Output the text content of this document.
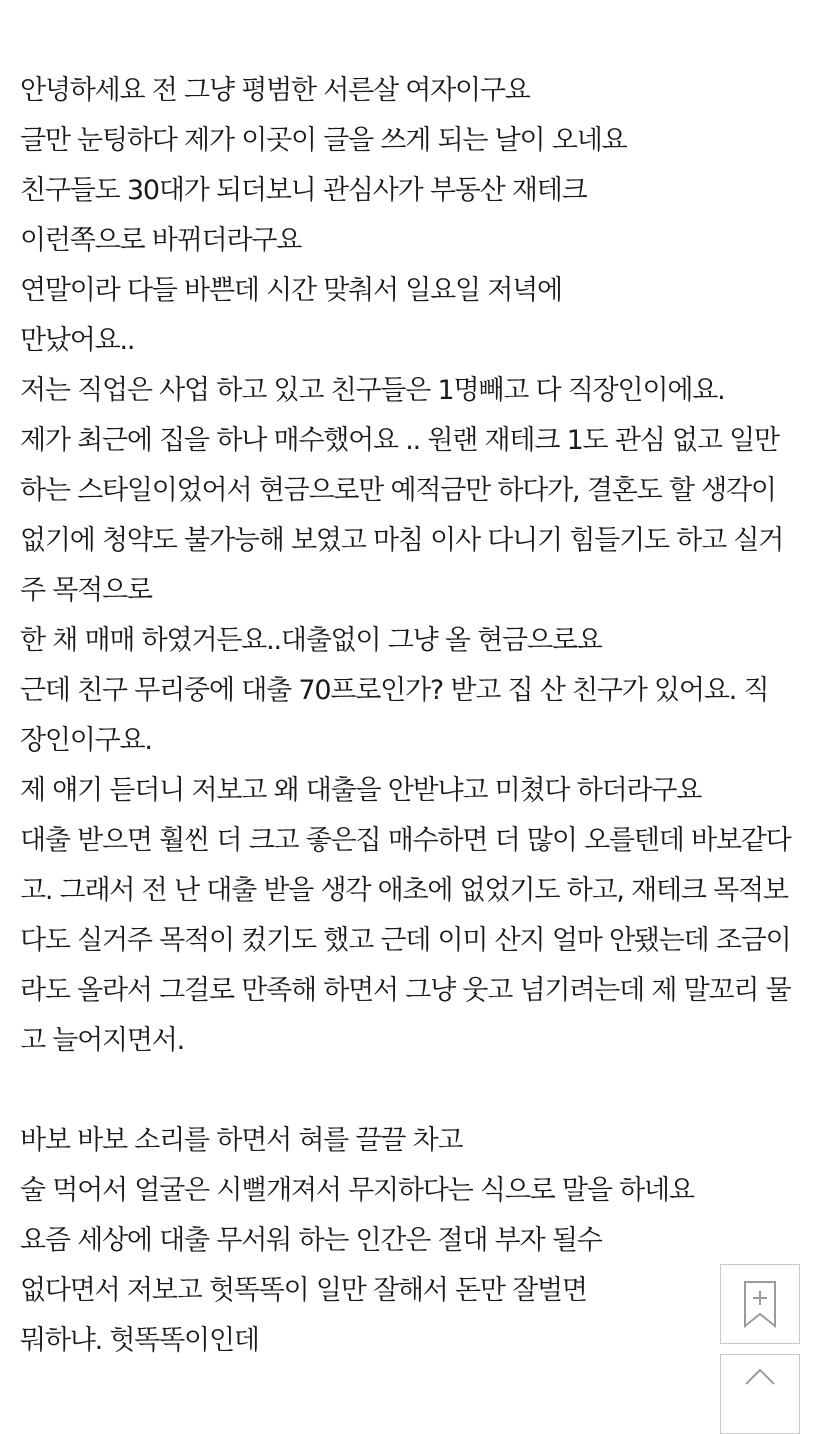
안녕하세요 전 그냥 평범한 서른살 여자이구요
글만 눈팅하다 제가 이곳이 글을 쓰게 되는 날이 오네요
친구들도 30대가 되더보니 관심사가 부동산 재테크
이런쪽으로 바뀌더라구요
연말이라 다들 바쁜데 시간 맞춰서 일요일 저녁에
만났어요..
저는 직업은 사업 하고 있고 친구들은 1명빼고 다 직장인이에요.
제가 최근에 집을 하나 매수했어요 .. 원랜 재테크 1도 관심 없고 일만
하는 스타일이었어서 현금으로만 예적금만 하다가, 결혼도 할 생각이
없기에 청약도 불가능해 보였고 마침 이사 다니기 힘들기도 하고 실거
주 목적으로
한 채 매매 하였거든요..대출없이 그냥 올 현금으로요
근데 친구 무리중에 대출 70프로인가? 받고 집 산 친구가 있어요. 직
장인이구요.
제 얘기 듣더니 저보고 왜 대출을 안받냐고 미쳤다 하더라구요
대출 받으면 훨씬 더 크고 좋은집 매수하면 더 많이 오를텐데 바보같다
고. 그래서 전 난 대출 받을 생각 애초에 없었기도 하고, 재테크 목적보
다도 실거주 목적이 컸기도 했고 근데 이미 산지 얼마 안됐는데 조금이
라도 올라서 그걸로 만족해 하면서 그냥 웃고 넘기려는데 제 말꼬리 물
고 늘어지면서.
바보 바보 소리를 하면서 혀를 끌끌 차고
술 먹어서 얼굴은 시뻘개져서 무지하다는 식으로 말을 하네요
요즘 세상에 대출 무서워 하는 인간은 절대 부자 될수
없다면서 저보고 헛똑똑이 일만 잘해서 돈만 잘벌면
뭐하냐. 헛똑똑이인데
